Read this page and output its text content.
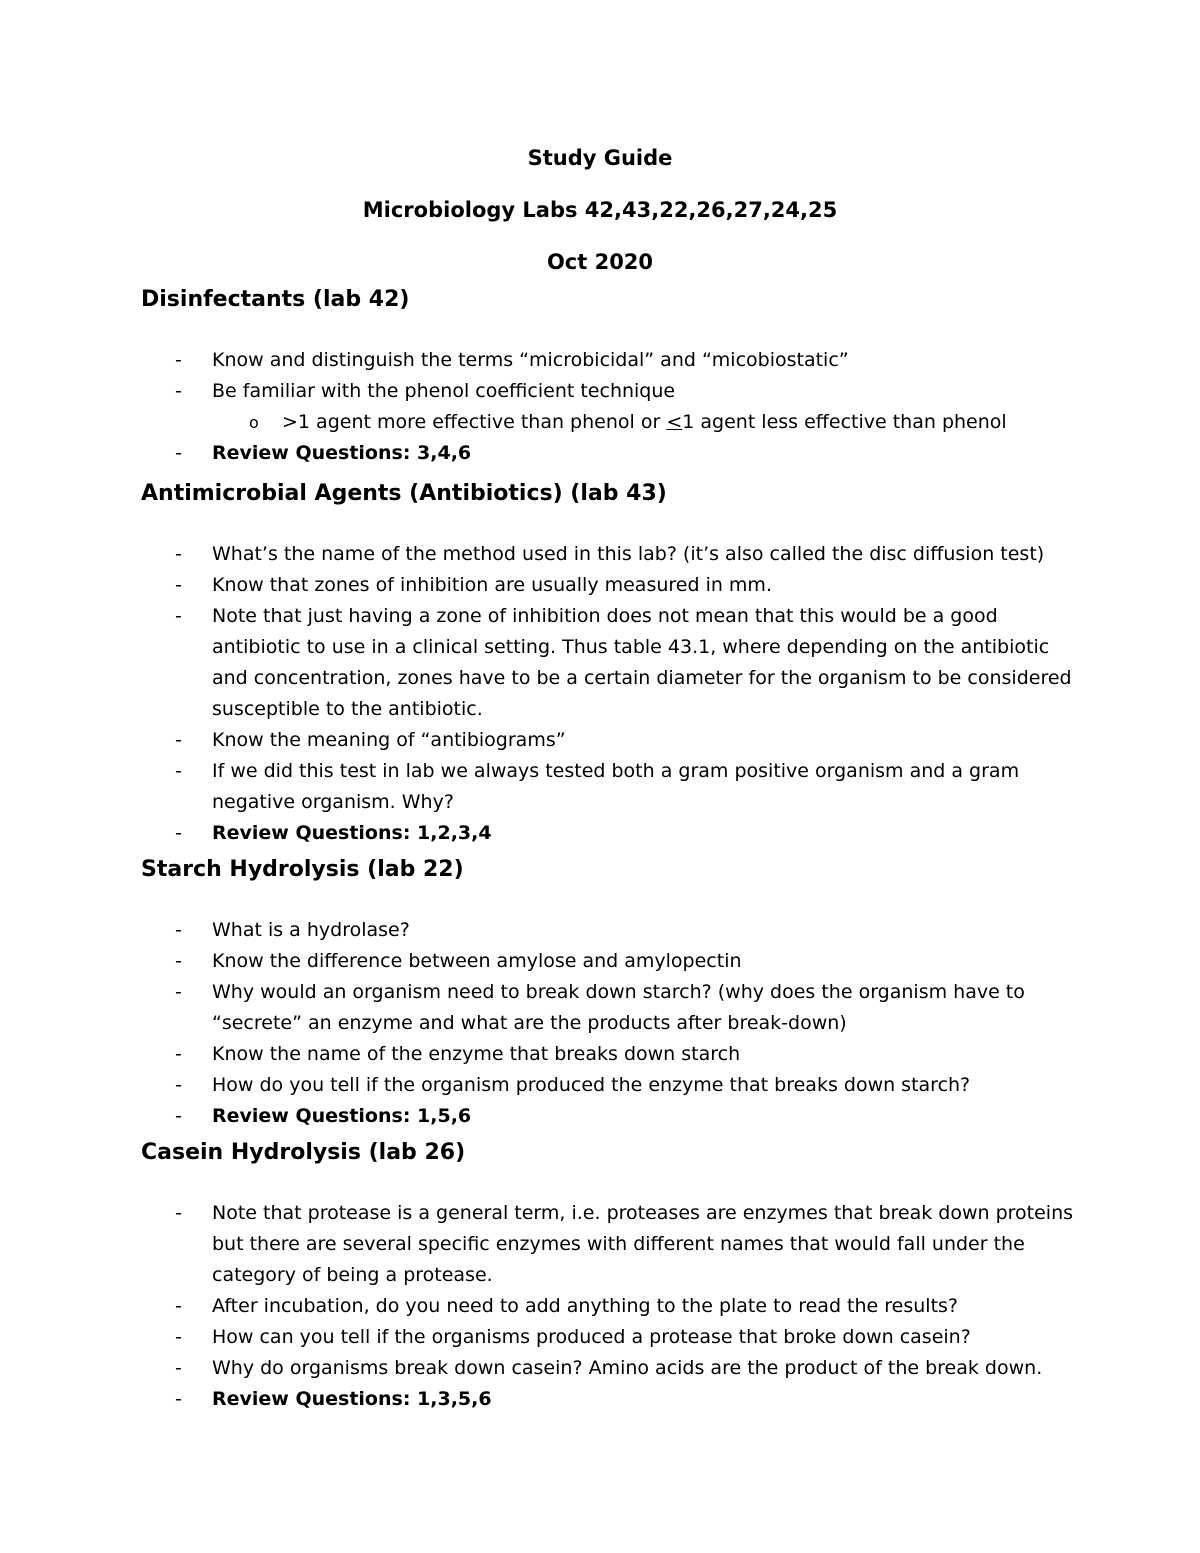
Study Guide
Microbiology Labs 42,43,22,26,27,24,25
Oct 2020
Disinfectants (lab 42)
-	Know and distinguish the terms “microbicidal” and “micobiostatic”
-	Be familiar with the phenol coefficient technique
o >1 agent more effective than phenol or ≤1 agent less effective than phenol
-	Review Questions: 3,4,6
Antimicrobial Agents (Antibiotics) (lab 43)
-	What’s the name of the method used in this lab? (it’s also called the disc diffusion test)
-	Know that zones of inhibition are usually measured in mm.
-	Note that just having a zone of inhibition does not mean that this would be a good antibiotic to use in a clinical setting. Thus table 43.1, where depending on the antibiotic and concentration, zones have to be a certain diameter for the organism to be considered susceptible to the antibiotic.
-	Know the meaning of “antibiograms”
-	If we did this test in lab we always tested both a gram positive organism and a gram negative organism. Why?
-	Review Questions: 1,2,3,4
Starch Hydrolysis (lab 22)
-	What is a hydrolase?
-	Know the difference between amylose and amylopectin
-	Why would an organism need to break down starch? (why does the organism have to “secrete” an enzyme and what are the products after break-down)
-	Know the name of the enzyme that breaks down starch
-	How do you tell if the organism produced the enzyme that breaks down starch?
-	Review Questions: 1,5,6
Casein Hydrolysis (lab 26)
-	Note that protease is a general term, i.e. proteases are enzymes that break down proteins but there are several specific enzymes with different names that would fall under the category of being a protease.
-	After incubation, do you need to add anything to the plate to read the results?
-	How can you tell if the organisms produced a protease that broke down casein?
-	Why do organisms break down casein? Amino acids are the product of the break down.
-	Review Questions: 1,3,5,6
